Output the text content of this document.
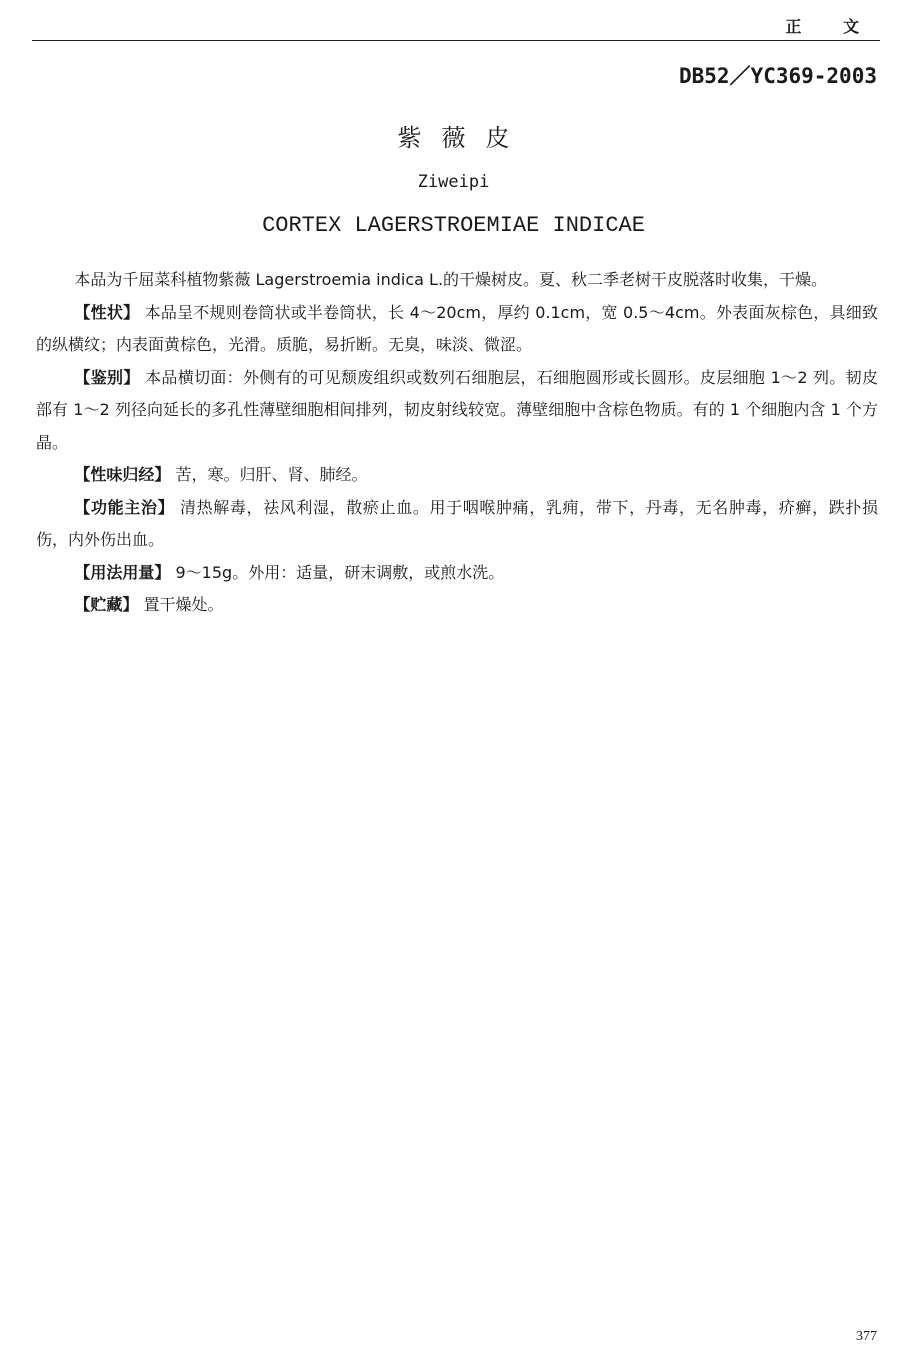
正 文
DB52／YC369-2003
紫薇皮
Ziweipi
CORTEX LAGERSTROEMIAE INDICAE

本品为千屈菜科植物紫薇 Lagerstroemia indica L.的干燥树皮。夏、秋二季老树干皮脱落时收集，干燥。

【性状】 本品呈不规则卷筒状或半卷筒状，长 4～20cm，厚约 0.1cm，宽 0.5～4cm。外表面灰棕色，具细致的纵横纹；内表面黄棕色，光滑。质脆，易折断。无臭，味淡、微涩。

【鉴别】 本品横切面：外侧有的可见颓废组织或数列石细胞层，石细胞圆形或长圆形。皮层细胞 1～2 列。韧皮部有 1～2 列径向延长的多孔性薄壁细胞相间排列，韧皮射线较宽。薄壁细胞中含棕色物质。有的 1 个细胞内含 1 个方晶。

【性味归经】 苦，寒。归肝、肾、肺经。

【功能主治】 清热解毒，祛风利湿，散瘀止血。用于咽喉肿痛，乳痈，带下，丹毒，无名肿毒，疥癣，跌扑损伤，内外伤出血。

【用法用量】 9～15g。外用：适量，研末调敷，或煎水洗。

【贮藏】 置干燥处。

377
